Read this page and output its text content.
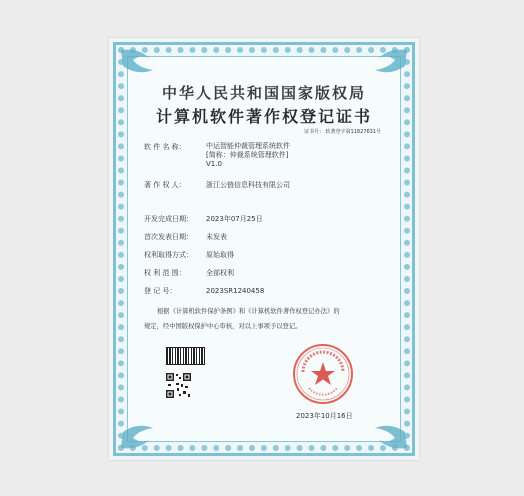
中华人民共和国国家版权局
计算机软件著作权登记证书
证书号： 软著登字第11827631号
软 件 名 称：	中运智能仲裁管理系统软件
[简称：仲裁系统管理软件]
V1.0
著 作 权 人：	浙江公链信息科技有限公司
开发完成日期： 2023年07月25日
首次发表日期： 未发表
权利取得方式： 原始取得
权 利 范 围：	全部权利
登 记 号：	2023SR1240458
根据《计算机软件保护条例》和《计算机软件著作权登记办法》的
规定，经中国版权保护中心审核，对以上事项予以登记。
2023年10月16日
